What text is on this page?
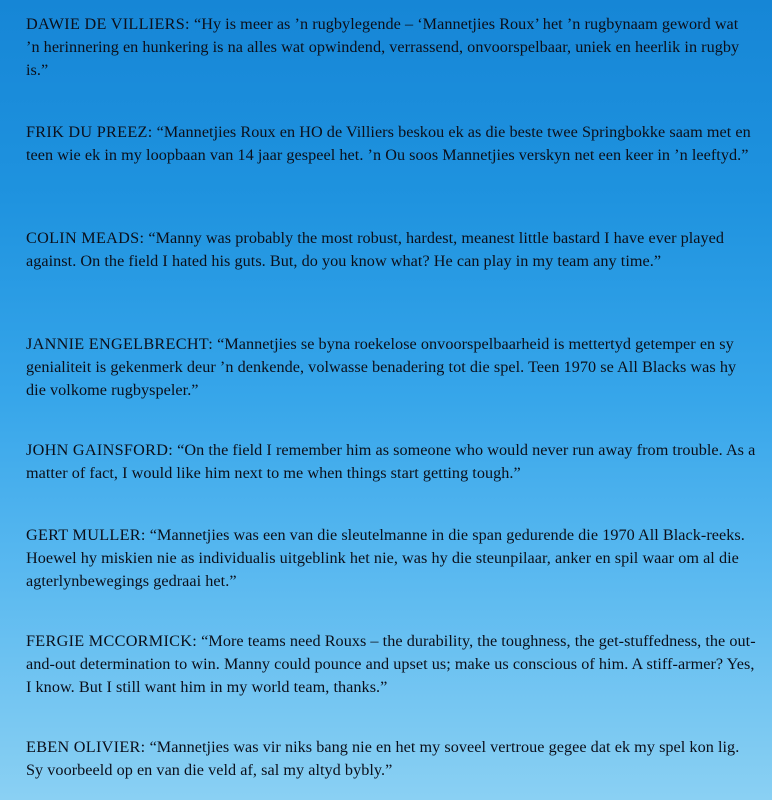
DAWIE DE VILLIERS: “Hy is meer as ’n rugbylegende – ‘Mannetjies Roux’ het ’n rugbynaam geword wat ’n herinnering en hunkering is na alles wat opwindend, verrassend, onvoorspelbaar, uniek en heerlik in rugby is.”

FRIK DU PREEZ: “Mannetjies Roux en HO de Villiers beskou ek as die beste twee Springbokke saam met en teen wie ek in my loopbaan van 14 jaar gespeel het. ’n Ou soos Mannetjies verskyn net een keer in ’n leeftyd.”

COLIN MEADS: “Manny was probably the most robust, hardest, meanest little bastard I have ever played against. On the field I hated his guts. But, do you know what? He can play in my team any time.”

JANNIE ENGELBRECHT: “Mannetjies se byna roekelose onvoorspelbaarheid is mettertyd getemper en sy genialiteit is gekenmerk deur ’n denkende, volwasse benadering tot die spel. Teen 1970 se All Blacks was hy die volkome rugbyspeler.”

JOHN GAINSFORD: “On the field I remember him as someone who would never run away from trouble. As a matter of fact, I would like him next to me when things start getting tough.”

GERT MULLER: “Mannetjies was een van die sleutelmanne in die span gedurende die 1970 All Black-reeks. Hoewel hy miskien nie as individualis uitgeblink het nie, was hy die steunpilaar, anker en spil waar om al die agterlynbewegings gedraai het.”

FERGIE MCCORMICK: “More teams need Rouxs – the durability, the toughness, the get-stuffedness, the out-and-out determination to win. Manny could pounce and upset us; make us conscious of him. A stiff-armer? Yes, I know. But I still want him in my world team, thanks.”

EBEN OLIVIER: “Mannetjies was vir niks bang nie en het my soveel vertroue gegee dat ek my spel kon lig. Sy voorbeeld op en van die veld af, sal my altyd bybly.”
